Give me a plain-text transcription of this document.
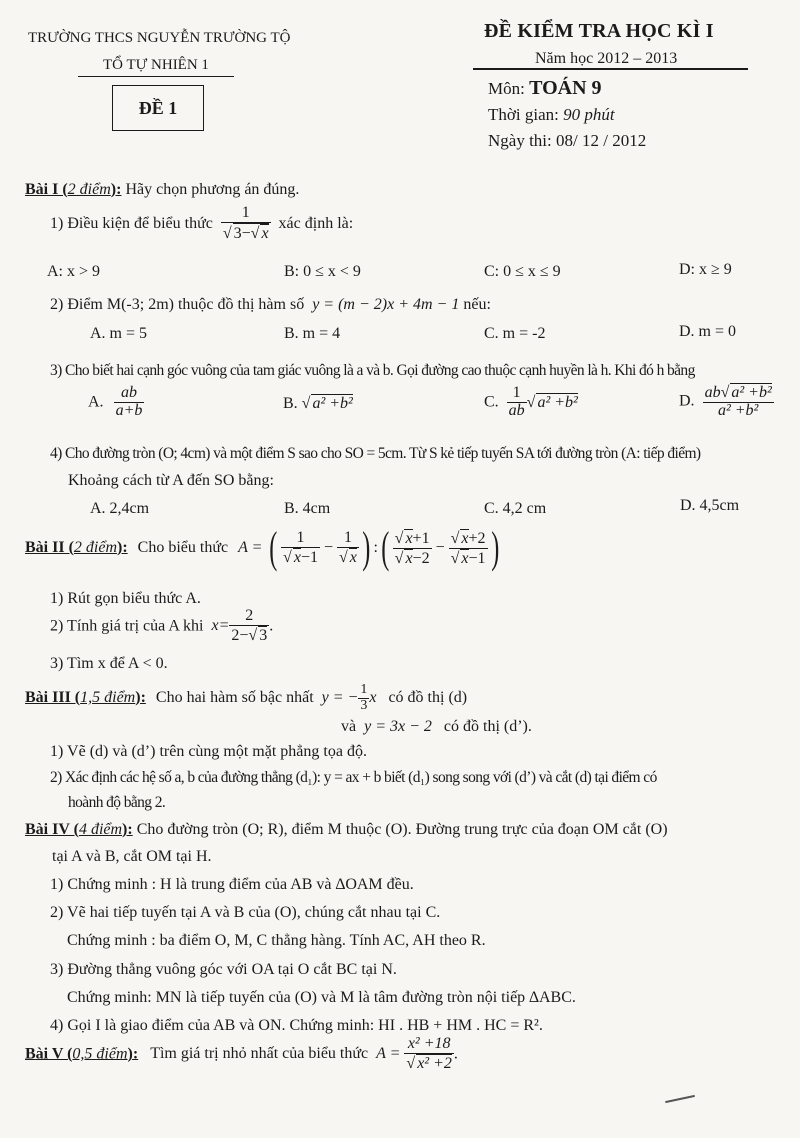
TRƯỜNG THCS NGUYỄN TRƯỜNG TỘ
TỔ TỰ NHIÊN 1
ĐỀ 1
ĐỀ KIỂM TRA HỌC KÌ I
Năm học 2012 – 2013
Môn: TOÁN 9
Thời gian: 90 phút
Ngày thi: 08/ 12 / 2012
Bài I (2 điểm): Hãy chọn phương án đúng.
1) Điều kiện để biểu thức $\frac{1}{√ 3-√ x}$ xác định là:
A: x > 9	B: 0 ≤ x < 9	C: 0 ≤ x ≤ 9	D: x ≥ 9
2) Điểm M(-3; 2m) thuộc đồ thị hàm số y = (m − 2)x + 4m − 1 nếu:
A. m = 5	B. m = 4	C. m = -2	D. m = 0
3) Cho biết hai cạnh góc vuông của tam giác vuông là a và b. Gọi đường cao thuộc cạnh huyền là h. Khi đó h bằng
A. $\frac{ab}{a+b}$	B. √ a² +b²	C. $\frac{1}{ab}$ √ a² +b²	D. $\frac{\text{ab√ a² +b²}}{\text{a² +b²}}$
4) Cho đường tròn (O; 4cm) và một điểm S sao cho SO = 5cm. Từ S kẻ tiếp tuyến SA tới đường tròn (A: tiếp điểm)
Khoảng cách từ A đến SO bằng:
A. 2,4cm	B. 4cm	C. 4,2 cm	D. 4,5cm
Bài II (2 điểm): Cho biểu thức A = ( $\frac{1}{√ x-1} - \frac{1}{√ x}$ ) :( $\frac{√ x+1}{√ x-2} - \frac{√ x+2}{√ x-1}$ )
1) Rút gọn biểu thức A.
2) Tính giá trị của A khi $x= \frac{2}{2-√ 3}$ .
3) Tìm x để A < 0.
Bài III (1,5 điểm): Cho hai hàm số bậc nhất y = − $\frac{1}{3}$ x có đồ thị (d)
và y = 3x − 2 có đồ thị (d’).
1) Vẽ (d) và (d’) trên cùng một mặt phẳng tọa độ.
2) Xác định các hệ số a, b của đường thẳng (d₁): y = ax + b biết (d₁) song song với (d’) và cắt (d) tại điểm có
hoành độ bằng 2.
Bài IV (4 điểm): Cho đường tròn (O; R), điểm M thuộc (O). Đường trung trực của đoạn OM cắt (O)
tại A và B, cắt OM tại H.
1) Chứng minh : H là trung điểm của AB và ∆OAM đều.
2) Vẽ hai tiếp tuyến tại A và B của (O), chúng cắt nhau tại C.
Chứng minh : ba điểm O, M, C thẳng hàng. Tính AC, AH theo R.
3) Đường thẳng vuông góc với OA tại O cắt BC tại N.
Chứng minh: MN là tiếp tuyến của (O) và M là tâm đường tròn nội tiếp ∆ABC.
4) Gọi I là giao điểm của AB và ON. Chứng minh: HI . HB + HM . HC = R².
Bài V (0,5 điểm): Tìm giá trị nhỏ nhất của biểu thức $A = \frac{\text{x² +18}}{\text{√ x² +2}}$ .
